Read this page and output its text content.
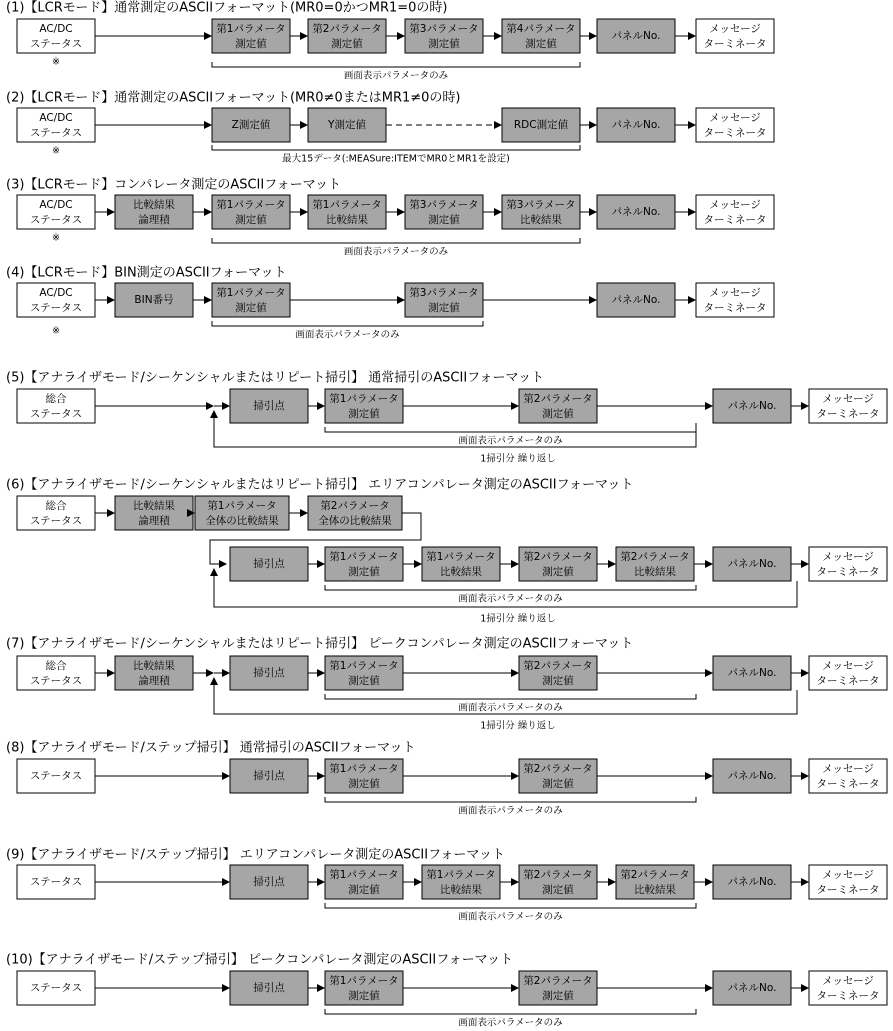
(1)【LCRモード】通常測定のASCIIフォーマット(MR0=0かつMR1=0の時)
AC/DC
ステータス
※
第1パラメータ
測定値
第2パラメータ
測定値
第3パラメータ
測定値
第4パラメータ
測定値
パネルNo.
メッセージ
ターミネータ
画面表示パラメータのみ
(2)【LCRモード】通常測定のASCIIフォーマット(MR0≠0またはMR1≠0の時)
AC/DC
ステータス
※
Z測定値	Y測定値	RDC測定値	パネルNo.
メッセージ
ターミネータ
最大15データ(:MEASure:ITEMでMR0とMR1を設定)
(3)【LCRモード】コンパレータ測定のASCIIフォーマット
AC/DC
ステータス
※
比較結果
論理積
第1パラメータ
測定値
第1パラメータ
比較結果
第3パラメータ
測定値
第3パラメータ
比較結果
パネルNo.
メッセージ
ターミネータ
画面表示パラメータのみ
(4)【LCRモード】BIN測定のASCIIフォーマット
AC/DC
ステータス
※
BIN番号
第1パラメータ
測定値
第3パラメータ
測定値
パネルNo.
メッセージ
ターミネータ
画面表示パラメータのみ
(5)【アナライザモード/シーケンシャルまたはリピート掃引】 通常掃引のASCIIフォーマット
総合
ステータス
掃引点
第1パラメータ
測定値
第2パラメータ
測定値
パネルNo.
メッセージ
ターミネータ
画面表示パラメータのみ
1掃引分 繰り返し
(6)【アナライザモード/シーケンシャルまたはリピート掃引】 エリアコンパレータ測定のASCIIフォーマット
総合
ステータス
比較結果
論理積
第1パラメータ
全体の比較結果
第2パラメータ
全体の比較結果
掃引点
第1パラメータ
測定値
第1パラメータ
比較結果
第2パラメータ
測定値
第2パラメータ
比較結果
パネルNo.
メッセージ
ターミネータ
画面表示パラメータのみ
1掃引分 繰り返し
(7)【アナライザモード/シーケンシャルまたはリピート掃引】 ピークコンパレータ測定のASCIIフォーマット
総合
ステータス
比較結果
論理積
掃引点
第1パラメータ
測定値
第2パラメータ
測定値
パネルNo.
メッセージ
ターミネータ
画面表示パラメータのみ
1掃引分 繰り返し
(8)【アナライザモード/ステップ掃引】 通常掃引のASCIIフォーマット
ステータス	掃引点
第1パラメータ
測定値
第2パラメータ
測定値
パネルNo.
メッセージ
ターミネータ
画面表示パラメータのみ
(9)【アナライザモード/ステップ掃引】 エリアコンパレータ測定のASCIIフォーマット
ステータス	掃引点
第1パラメータ
測定値
第1パラメータ
比較結果
第2パラメータ
測定値
第2パラメータ
比較結果
パネルNo.
メッセージ
ターミネータ
画面表示パラメータのみ
(10)【アナライザモード/ステップ掃引】 ピークコンパレータ測定のASCIIフォーマット
ステータス	掃引点
第1パラメータ
測定値
第2パラメータ
測定値
パネルNo.
メッセージ
ターミネータ
画面表示パラメータのみ
